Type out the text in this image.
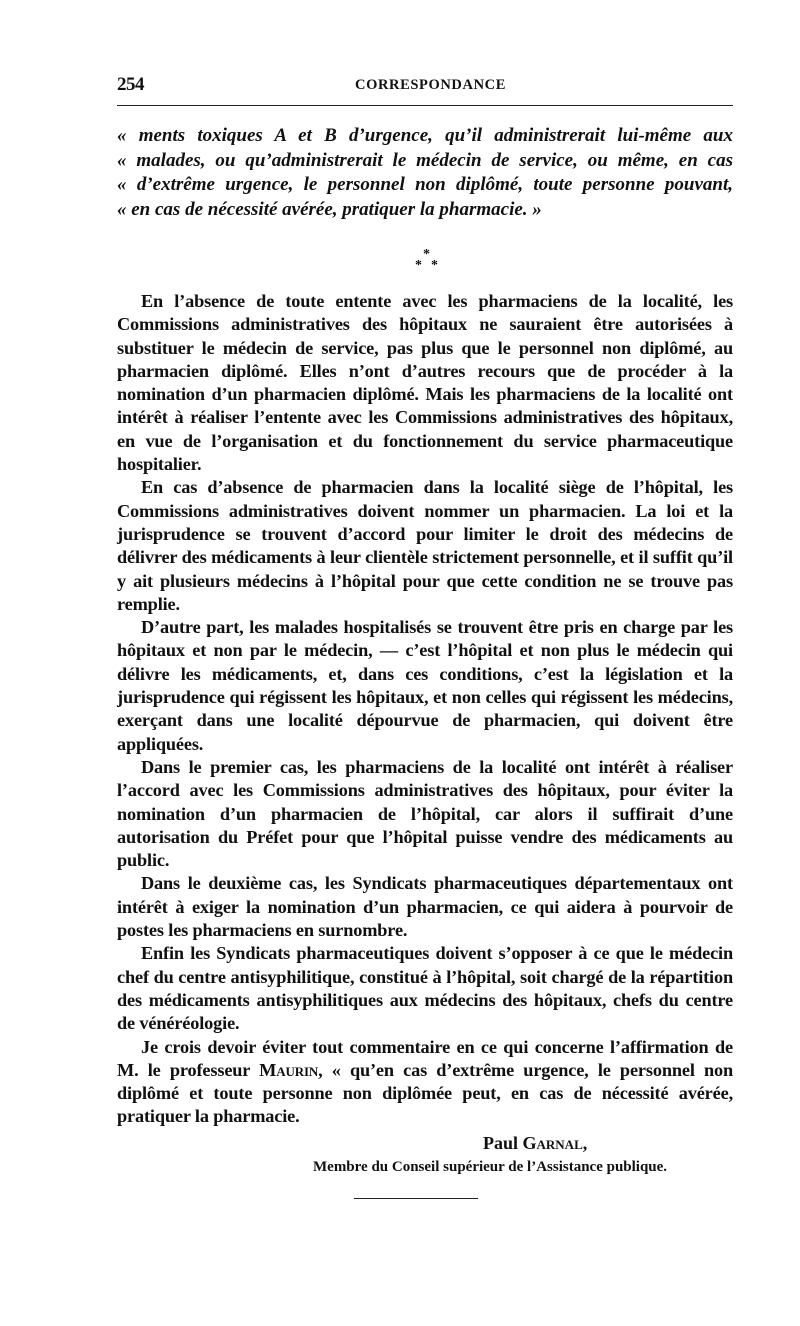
254	CORRESPONDANCE
« ments toxiques A et B d’urgence, qu’il administrerait lui-même aux
« malades, ou qu’administrerait le médecin de service, ou même, en cas
« d’extrême urgence, le personnel non diplômé, toute personne pouvant,
« en cas de nécessité avérée, pratiquer la pharmacie. »
*
* *

En l’absence de toute entente avec les pharmaciens de la localité, les Commissions administratives des hôpitaux ne sauraient être autorisées à substituer le médecin de service, pas plus que le personnel non diplômé, au pharmacien diplômé. Elles n’ont d’autres recours que de procéder à la nomination d’un pharmacien diplômé. Mais les pharmaciens de la localité ont intérêt à réaliser l’entente avec les Commissions administratives des hôpitaux, en vue de l’organisation et du fonctionnement du service pharmaceutique hospitalier.

En cas d’absence de pharmacien dans la localité siège de l’hôpital, les Commissions administratives doivent nommer un pharmacien. La loi et la jurisprudence se trouvent d’accord pour limiter le droit des médecins de délivrer des médicaments à leur clientèle strictement personnelle, et il suffit qu’il y ait plusieurs médecins à l’hôpital pour que cette condition ne se trouve pas remplie.

D’autre part, les malades hospitalisés se trouvent être pris en charge par les hôpitaux et non par le médecin, — c’est l’hôpital et non plus le médecin qui délivre les médicaments, et, dans ces conditions, c’est la législation et la jurisprudence qui régissent les hôpitaux, et non celles qui régissent les médecins, exerçant dans une localité dépourvue de pharmacien, qui doivent être appliquées.

Dans le premier cas, les pharmaciens de la localité ont intérêt à réaliser l’accord avec les Commissions administratives des hôpitaux, pour éviter la nomination d’un pharmacien de l’hôpital, car alors il suffirait d’une autorisation du Préfet pour que l’hôpital puisse vendre des médicaments au public.

Dans le deuxième cas, les Syndicats pharmaceutiques départementaux ont intérêt à exiger la nomination d’un pharmacien, ce qui aidera à pourvoir de postes les pharmaciens en surnombre.

Enfin les Syndicats pharmaceutiques doivent s’opposer à ce que le médecin chef du centre antisyphilitique, constitué à l’hôpital, soit chargé de la répartition des médicaments antisyphilitiques aux médecins des hôpitaux, chefs du centre de vénéréologie.

Je crois devoir éviter tout commentaire en ce qui concerne l’affirmation de M. le professeur Maurin, « qu’en cas d’extrême urgence, le personnel non diplômé et toute personne non diplômée peut, en cas de nécessité avérée, pratiquer la pharmacie.

Paul Garnal,
Membre du Conseil supérieur de l’Assistance publique.
